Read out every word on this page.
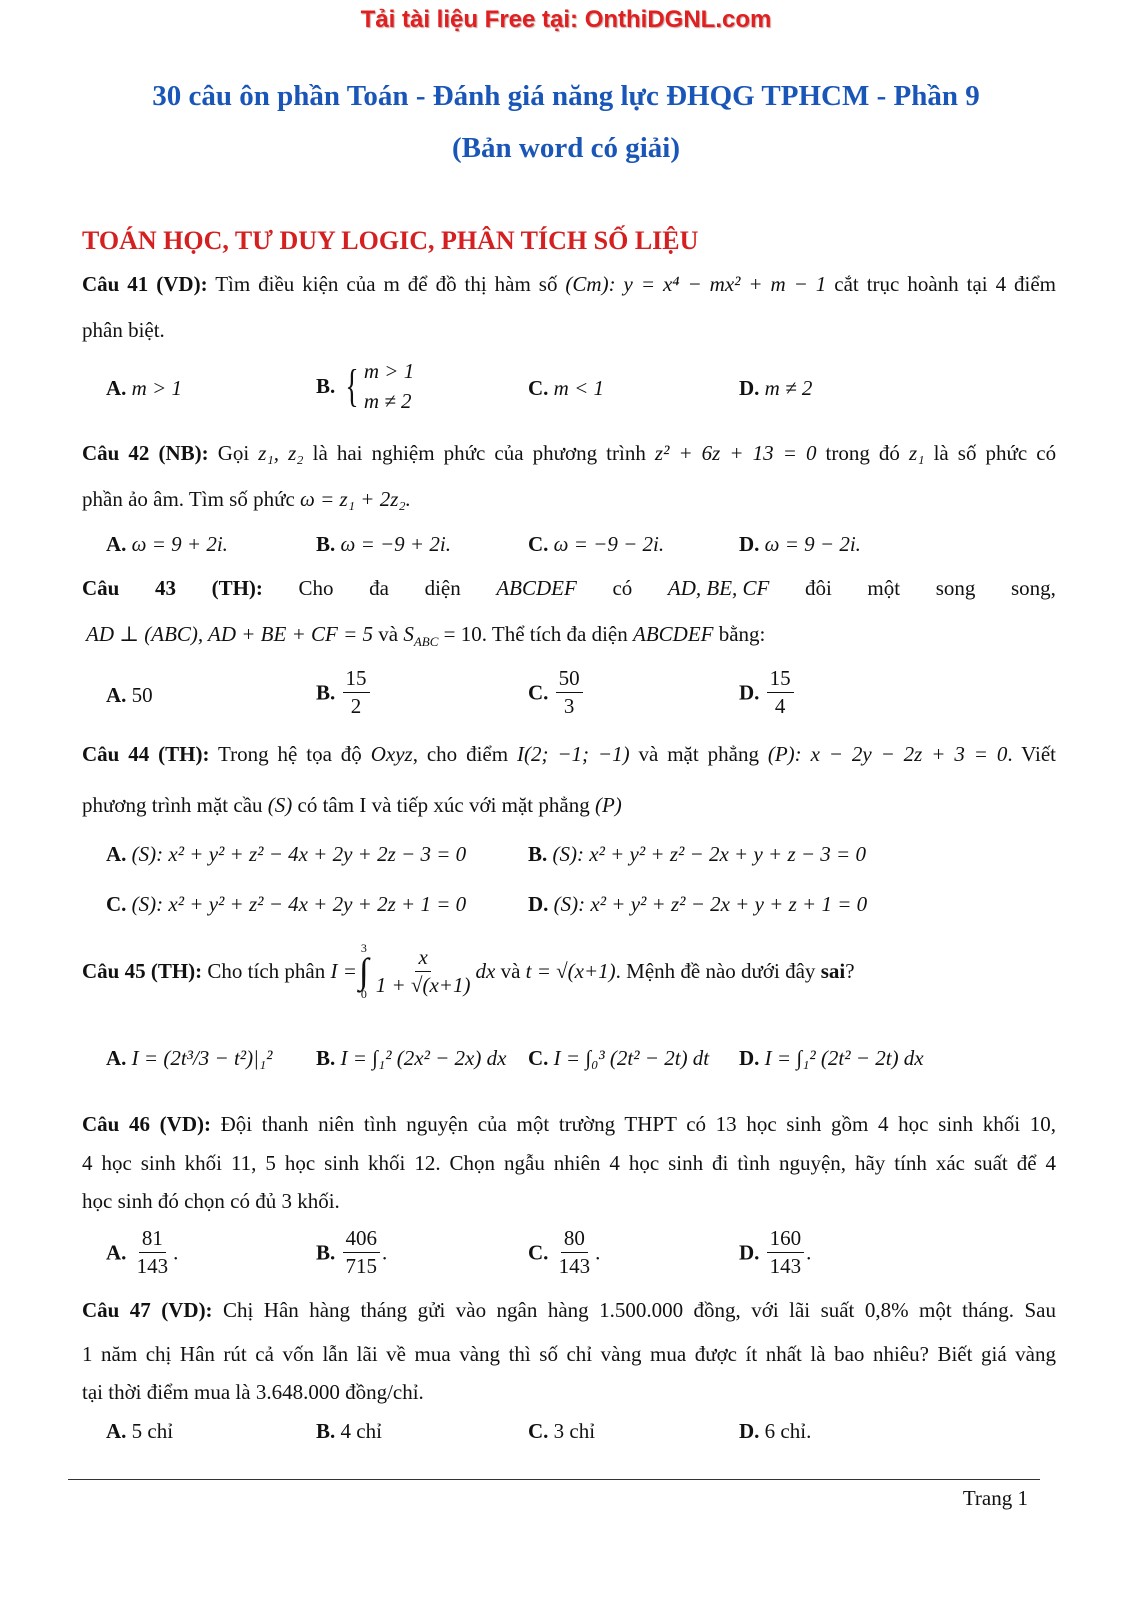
Tải tài liệu Free tại: OnthiDGNL.com
30 câu ôn phần Toán - Đánh giá năng lực ĐHQG TPHCM - Phần 9
(Bản word có giải)
TOÁN HỌC, TƯ DUY LOGIC, PHÂN TÍCH SỐ LIỆU
Câu 41 (VD): Tìm điều kiện của m để đồ thị hàm số (Cm): y = x⁴ − mx² + m − 1 cắt trục hoành tại 4 điểm
phân biệt.
A. m > 1	B. { m > 1
m ≠ 2
C. m < 1	D. m ≠ 2
Câu 42 (NB): Gọi z₁, z₂ là hai nghiệm phức của phương trình z² + 6z + 13 = 0 trong đó z₁ là số phức có
phần ảo âm. Tìm số phức ω = z₁ + 2z₂.
A. ω = 9 + 2i.	B. ω = −9 + 2i.	C. ω = −9 − 2i.	D. ω = 9 − 2i.
Câu 43 (TH): Cho đa diện ABCDEF có AD, BE, CF đôi một song song,
AD ⊥ (ABC), AD + BE + CF = 5 và $S_{ABC} = 10$. Thể tích đa diện ABCDEF bằng:
A. 50	B. $\frac{15}{2}$	C. $\frac{50}{3}$	D. $\frac{15}{4}$
Câu 44 (TH): Trong hệ tọa độ Oxyz, cho điểm I(2; −1; −1) và mặt phẳng (P): x − 2y − 2z + 3 = 0. Viết
phương trình mặt cầu (S) có tâm I và tiếp xúc với mặt phẳng (P)
A. (S): x² + y² + z² − 4x + 2y + 2z − 3 = 0	B. (S): x² + y² + z² − 2x + y + z − 3 = 0
C. (S): x² + y² + z² − 4x + 2y + 2z + 1 = 0	D. (S): x² + y² + z² − 2x + y + z + 1 = 0
Câu 45 (TH):
Cho tích phân
I =
3
∫
$0 \frac{x}{1 + √(x+1)}$ dx
và
t = √(x+1) . Mệnh đề nào dưới đây
sai ?
A. I = (2t³/3 − t²)|₁² B. I = ∫₁² (2x² − 2x) dx C. I = ∫₀³ (2t² − 2t) dt D. I = ∫₁² (2t² − 2t) dx
Câu 46 (VD): Đội thanh niên tình nguyện của một trường THPT có 13 học sinh gồm 4 học sinh khối 10,
4 học sinh khối 11, 5 học sinh khối 12. Chọn ngẫu nhiên 4 học sinh đi tình nguyện, hãy tính xác suất để 4
học sinh đó chọn có đủ 3 khối.
A. $\frac{81}{143}$ .	B. $\frac{406}{715}$ .	C. $\frac{80}{143}$ .	D. $\frac{160}{143}$ .
Câu 47 (VD): Chị Hân hàng tháng gửi vào ngân hàng 1.500.000 đồng, với lãi suất 0,8% một tháng. Sau
1 năm chị Hân rút cả vốn lẫn lãi về mua vàng thì số chỉ vàng mua được ít nhất là bao nhiêu? Biết giá vàng
tại thời điểm mua là 3.648.000 đồng/chỉ.
A. 5 chỉ	B. 4 chỉ	C. 3 chỉ	D. 6 chỉ.
Trang 1
